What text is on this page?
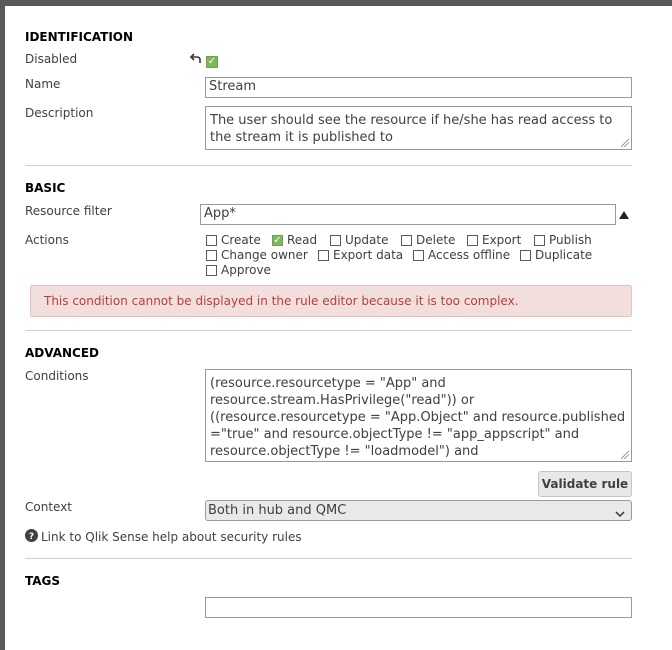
IDENTIFICATION
Disabled	✓
Name	Stream
Description	The user should see the resource if he/she has read access to the stream it is published to
BASIC
Resource filter	App*
Actions	Create ✓ Read Update Delete Export Publish
Change owner Export data Access offline Duplicate
Approve
This condition cannot be displayed in the rule editor because it is too complex.
ADVANCED
Conditions	(resource.resourcetype = "App" and
resource.stream.HasPrivilege("read")) or
((resource.resourcetype = "App.Object" and resource.published
="true" and resource.objectType != "app_appscript" and
resource.objectType != "loadmodel") and
Validate rule
Context	Both in hub and QMC
? Link to Qlik Sense help about security rules
TAGS
